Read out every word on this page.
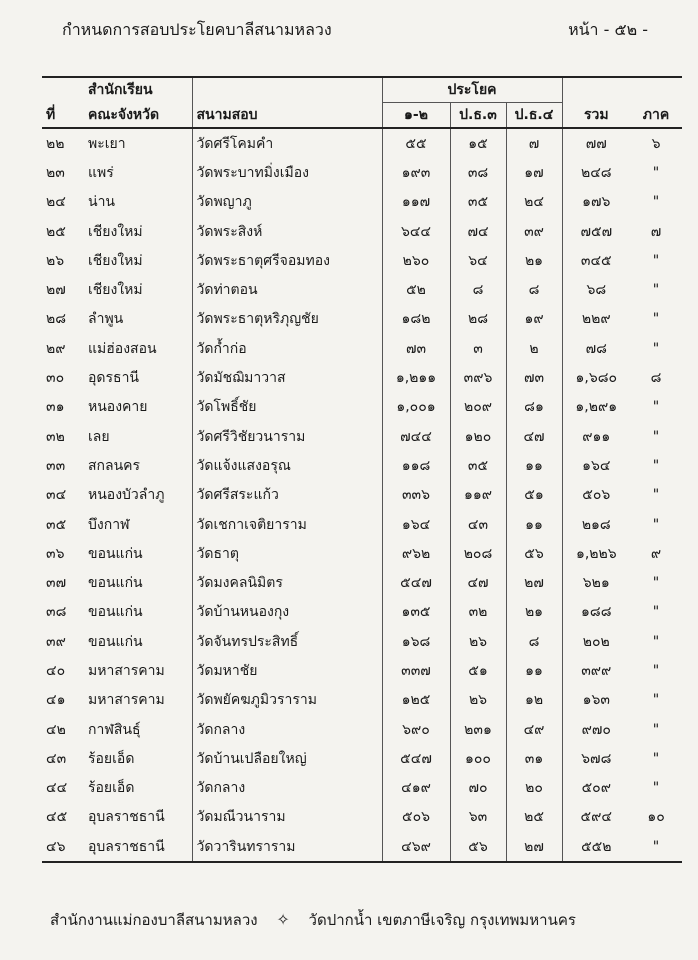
กำหนดการสอบประโยคบาลีสนามหลวง	หน้า - ๕๒ -
	สำนักเรียน		ประโยค				
ที่	คณะจังหวัด	สนามสอบ	๑-๒	ป.ธ.๓	ป.ธ.๔	รวม	ภาค
๒๒	พะเยา	วัดศรีโคมคำ	๕๕	๑๕	๗	๗๗	๖
๒๓	แพร่	วัดพระบาทมิ่งเมือง	๑๙๓	๓๘	๑๗	๒๔๘	"
๒๔	น่าน	วัดพญาภู	๑๑๗	๓๕	๒๔	๑๗๖	"
๒๕	เชียงใหม่	วัดพระสิงห์	๖๔๔	๗๔	๓๙	๗๕๗	๗
๒๖	เชียงใหม่	วัดพระธาตุศรีจอมทอง	๒๖๐	๖๔	๒๑	๓๔๕	"
๒๗	เชียงใหม่	วัดท่าตอน	๕๒	๘	๘	๖๘	"
๒๘	ลำพูน	วัดพระธาตุหริภุญชัย	๑๘๒	๒๘	๑๙	๒๒๙	"
๒๙	แม่ฮ่องสอน	วัดก้ำก่อ	๗๓	๓	๒	๗๘	"
๓๐	อุดรธานี	วัดมัชฌิมาวาส	๑,๒๑๑	๓๙๖	๗๓	๑,๖๘๐	๘
๓๑	หนองคาย	วัดโพธิ์ชัย	๑,๐๐๑	๒๐๙	๘๑	๑,๒๙๑	"
๓๒	เลย	วัดศรีวิชัยวนาราม	๗๔๔	๑๒๐	๔๗	๙๑๑	"
๓๓	สกลนคร	วัดแจ้งแสงอรุณ	๑๑๘	๓๕	๑๑	๑๖๔	"
๓๔	หนองบัวลำภู	วัดศรีสระแก้ว	๓๓๖	๑๑๙	๕๑	๕๐๖	"
๓๕	บึงกาฬ	วัดเชกาเจติยาราม	๑๖๔	๔๓	๑๑	๒๑๘	"
๓๖	ขอนแก่น	วัดธาตุ	๙๖๒	๒๐๘	๕๖	๑,๒๒๖	๙
๓๗	ขอนแก่น	วัดมงคลนิมิตร	๕๔๗	๔๗	๒๗	๖๒๑	"
๓๘	ขอนแก่น	วัดบ้านหนองกุง	๑๓๕	๓๒	๒๑	๑๘๘	"
๓๙	ขอนแก่น	วัดจันทรประสิทธิ์	๑๖๘	๒๖	๘	๒๐๒	"
๔๐	มหาสารคาม	วัดมหาชัย	๓๓๗	๕๑	๑๑	๓๙๙	"
๔๑	มหาสารคาม	วัดพยัคฆภูมิวราราม	๑๒๕	๒๖	๑๒	๑๖๓	"
๔๒	กาฬสินธุ์	วัดกลาง	๖๙๐	๒๓๑	๔๙	๙๗๐	"
๔๓	ร้อยเอ็ด	วัดบ้านเปลือยใหญ่	๕๔๗	๑๐๐	๓๑	๖๗๘	"
๔๔	ร้อยเอ็ด	วัดกลาง	๔๑๙	๗๐	๒๐	๕๐๙	"
๔๕	อุบลราชธานี	วัดมณีวนาราม	๕๐๖	๖๓	๒๕	๕๙๔	๑๐
๔๖	อุบลราชธานี	วัดวารินทราราม	๔๖๙	๕๖	๒๗	๕๕๒	"
สำนักงานแม่กองบาลีสนามหลวง ✧ วัดปากน้ำ เขตภาษีเจริญ กรุงเทพมหานคร
